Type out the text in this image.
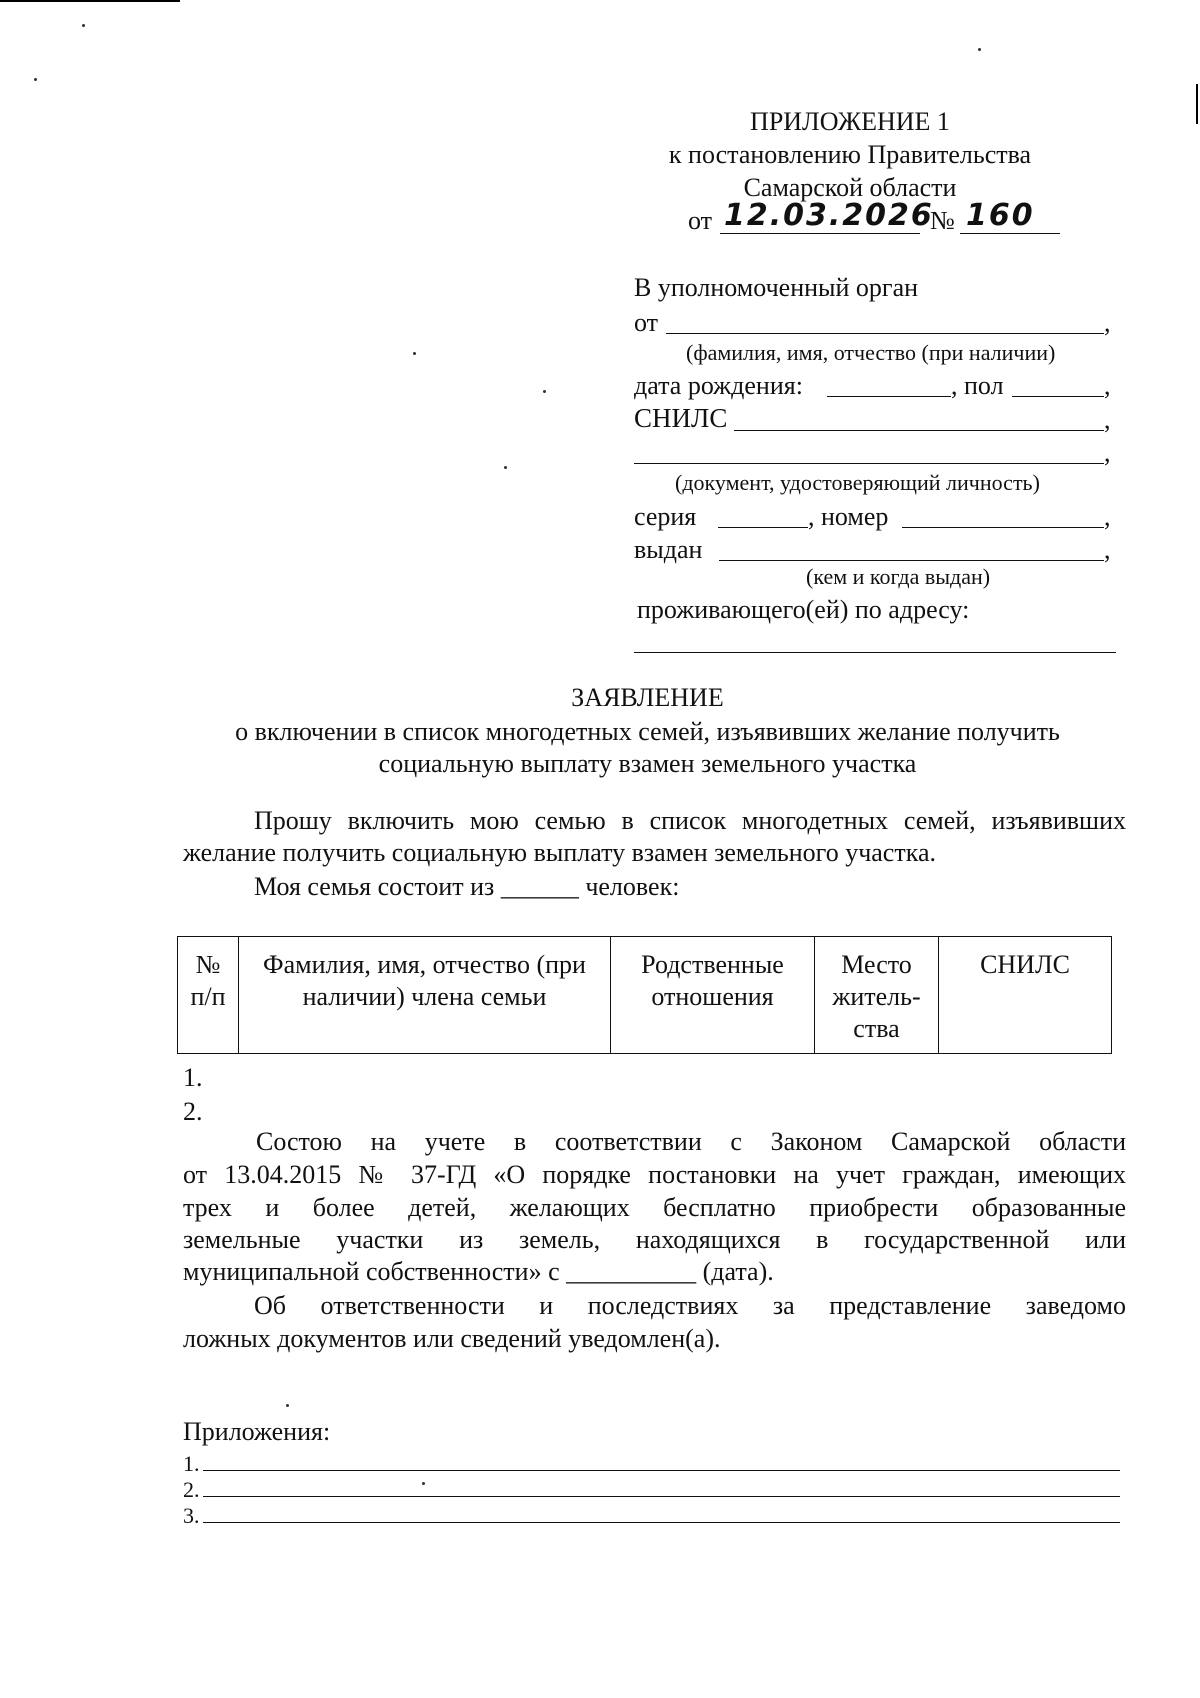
ПРИЛОЖЕНИЕ 1
к постановлению Правительства
Самарской области
от 12.03.2026
№ 160
В уполномоченный орган
от	,
(фамилия, имя, отчество (при наличии)
дата рождения:	, пол	,
СНИЛС	,
,
(документ, удостоверяющий личность)
серия	, номер	,
выдан	,
(кем и когда выдан)
проживающего(ей) по адресу:
ЗАЯВЛЕНИЕ
о включении в список многодетных семей, изъявивших желание получить
социальную выплату взамен земельного участка
Прошу включить мою семью в список многодетных семей, изъявивших
желание получить социальную выплату взамен земельного участка.
Моя семья состоит из ______ человек:
№ п/п	Фамилия, имя, отчество (при наличии) члена семьи	Родственные отношения	Место житель-ства	СНИЛС
1.
2.
Состою на учете в соответствии с Законом Самарской области
от 13.04.2015 № 37-ГД «О порядке постановки на учет граждан, имеющих
трех и более детей, желающих бесплатно приобрести образованные
земельные участки из земель, находящихся в государственной или
муниципальной собственности» с __________ (дата).
Об ответственности и последствиях за представление заведомо
ложных документов или сведений уведомлен(а).
Приложения:
1.
2.
3.
